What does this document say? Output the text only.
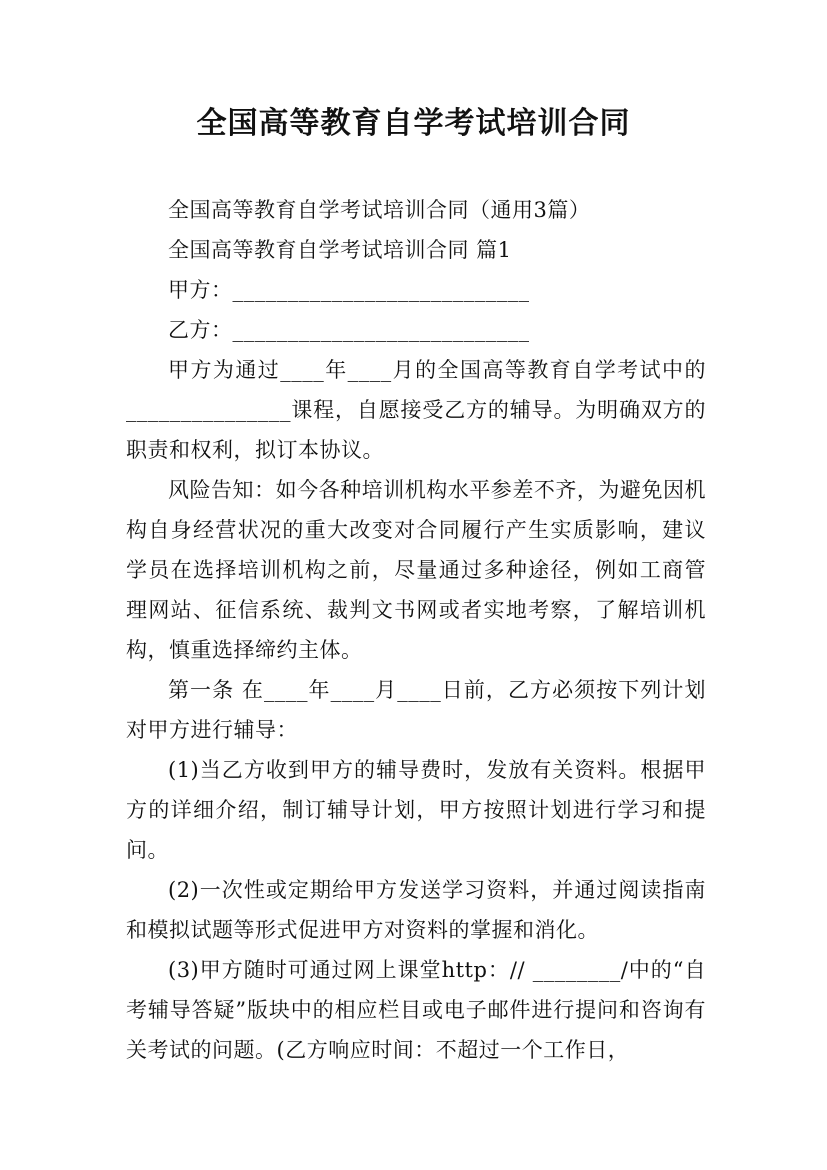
全国高等教育自学考试培训合同

全国高等教育自学考试培训合同（通用3篇）

全国高等教育自学考试培训合同 篇1

甲方：___________________________

乙方：___________________________

甲方为通过____年____月的全国高等教育自学考试中的_______________课程，自愿接受乙方的辅导。为明确双方的职责和权利，拟订本协议。

风险告知：如今各种培训机构水平参差不齐，为避免因机构自身经营状况的重大改变对合同履行产生实质影响，建议学员在选择培训机构之前，尽量通过多种途径，例如工商管理网站、征信系统、裁判文书网或者实地考察，了解培训机构，慎重选择缔约主体。

第一条 在____年____月____日前，乙方必须按下列计划对甲方进行辅导：

(1)当乙方收到甲方的辅导费时，发放有关资料。根据甲方的详细介绍，制订辅导计划，甲方按照计划进行学习和提问。

(2)一次性或定期给甲方发送学习资料，并通过阅读指南和模拟试题等形式促进甲方对资料的掌握和消化。

(3)甲方随时可通过网上课堂http：// ________/中的“自考辅导答疑”版块中的相应栏目或电子邮件进行提问和咨询有关考试的问题。(乙方响应时间：不超过一个工作日，
